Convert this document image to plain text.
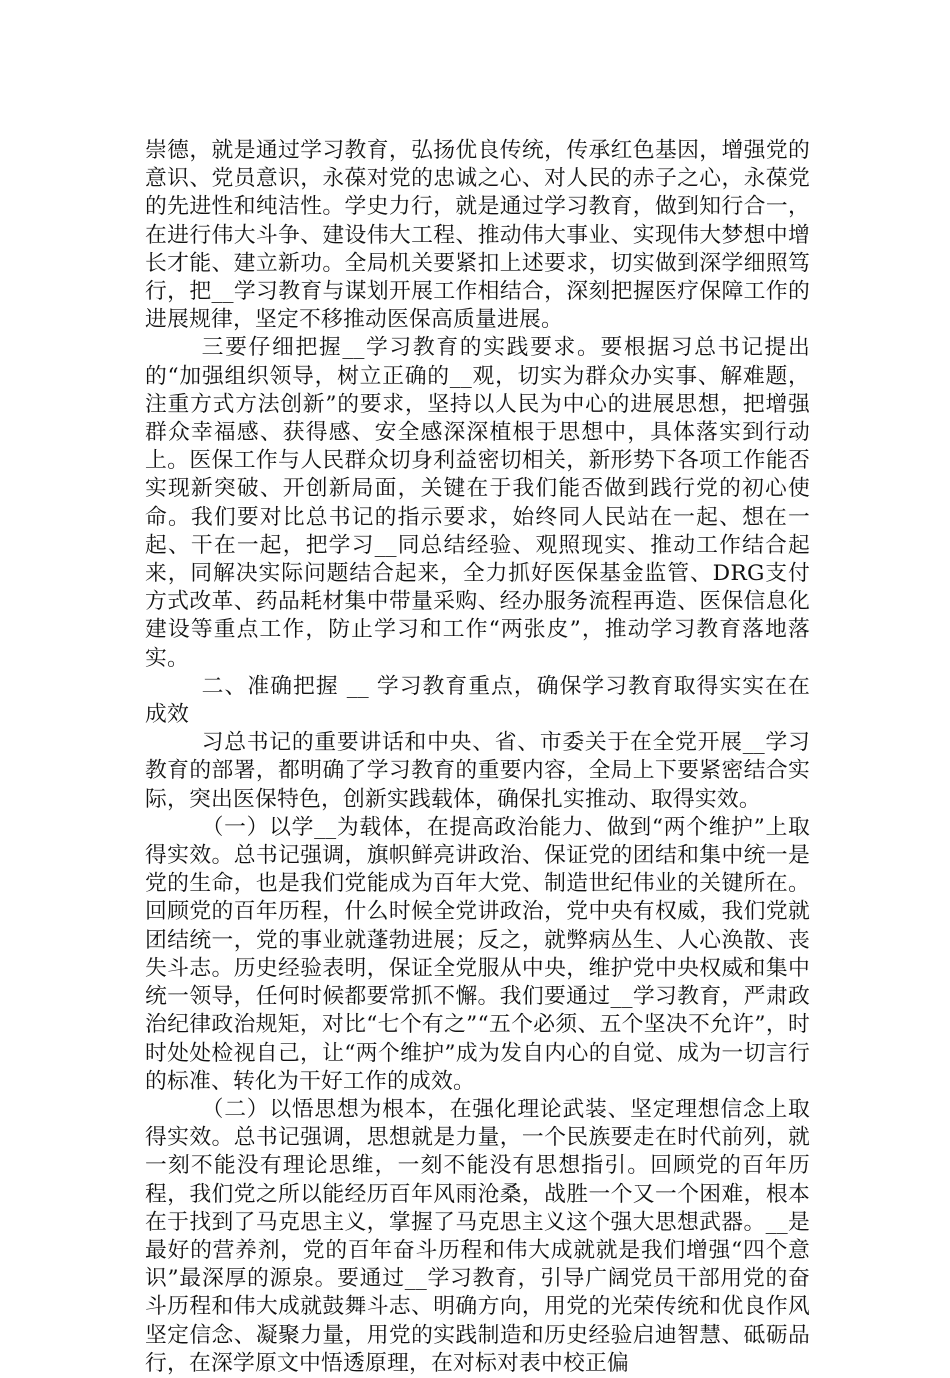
崇德，就是通过学习教育，弘扬优良传统，传承红色基因，增强党的意识、党员意识，永葆对党的忠诚之心、对人民的赤子之心，永葆党的先进性和纯洁性。学史力行，就是通过学习教育，做到知行合一，在进行伟大斗争、建设伟大工程、推动伟大事业、实现伟大梦想中增长才能、建立新功。全局机关要紧扣上述要求，切实做到深学细照笃行，把__学习教育与谋划开展工作相结合，深刻把握医疗保障工作的进展规律，坚定不移推动医保高质量进展。

三要仔细把握__学习教育的实践要求。要根据习总书记提出的“加强组织领导，树立正确的__观，切实为群众办实事、解难题，注重方式方法创新”的要求，坚持以人民为中心的进展思想，把增强群众幸福感、获得感、安全感深深植根于思想中，具体落实到行动上。医保工作与人民群众切身利益密切相关，新形势下各项工作能否实现新突破、开创新局面，关键在于我们能否做到践行党的初心使命。我们要对比总书记的指示要求，始终同人民站在一起、想在一起、干在一起，把学习__同总结经验、观照现实、推动工作结合起来，同解决实际问题结合起来，全力抓好医保基金监管、DRG支付方式改革、药品耗材集中带量采购、经办服务流程再造、医保信息化建设等重点工作，防止学习和工作“两张皮”，推动学习教育落地落实。

二、准确把握 __ 学习教育重点，确保学习教育取得实实在在成效

习总书记的重要讲话和中央、省、市委关于在全党开展__学习教育的部署，都明确了学习教育的重要内容，全局上下要紧密结合实际，突出医保特色，创新实践载体，确保扎实推动、取得实效。

（一）以学__为载体，在提高政治能力、做到“两个维护”上取得实效。总书记强调，旗帜鲜亮讲政治、保证党的团结和集中统一是党的生命，也是我们党能成为百年大党、制造世纪伟业的关键所在。回顾党的百年历程，什么时候全党讲政治，党中央有权威，我们党就团结统一，党的事业就蓬勃进展；反之，就弊病丛生、人心涣散、丧失斗志。历史经验表明，保证全党服从中央，维护党中央权威和集中统一领导，任何时候都要常抓不懈。我们要通过__学习教育，严肃政治纪律政治规矩，对比“七个有之”“五个必须、五个坚决不允许”，时时处处检视自己，让“两个维护”成为发自内心的自觉、成为一切言行的标准、转化为干好工作的成效。

（二）以悟思想为根本，在强化理论武装、坚定理想信念上取得实效。总书记强调，思想就是力量，一个民族要走在时代前列，就一刻不能没有理论思维，一刻不能没有思想指引。回顾党的百年历程，我们党之所以能经历百年风雨沧桑，战胜一个又一个困难，根本在于找到了马克思主义，掌握了马克思主义这个强大思想武器。__是最好的营养剂，党的百年奋斗历程和伟大成就就是我们增强“四个意识”最深厚的源泉。要通过__学习教育，引导广阔党员干部用党的奋斗历程和伟大成就鼓舞斗志、明确方向，用党的光荣传统和优良作风坚定信念、凝聚力量，用党的实践制造和历史经验启迪智慧、砥砺品行，在深学原文中悟透原理，在对标对表中校正偏
